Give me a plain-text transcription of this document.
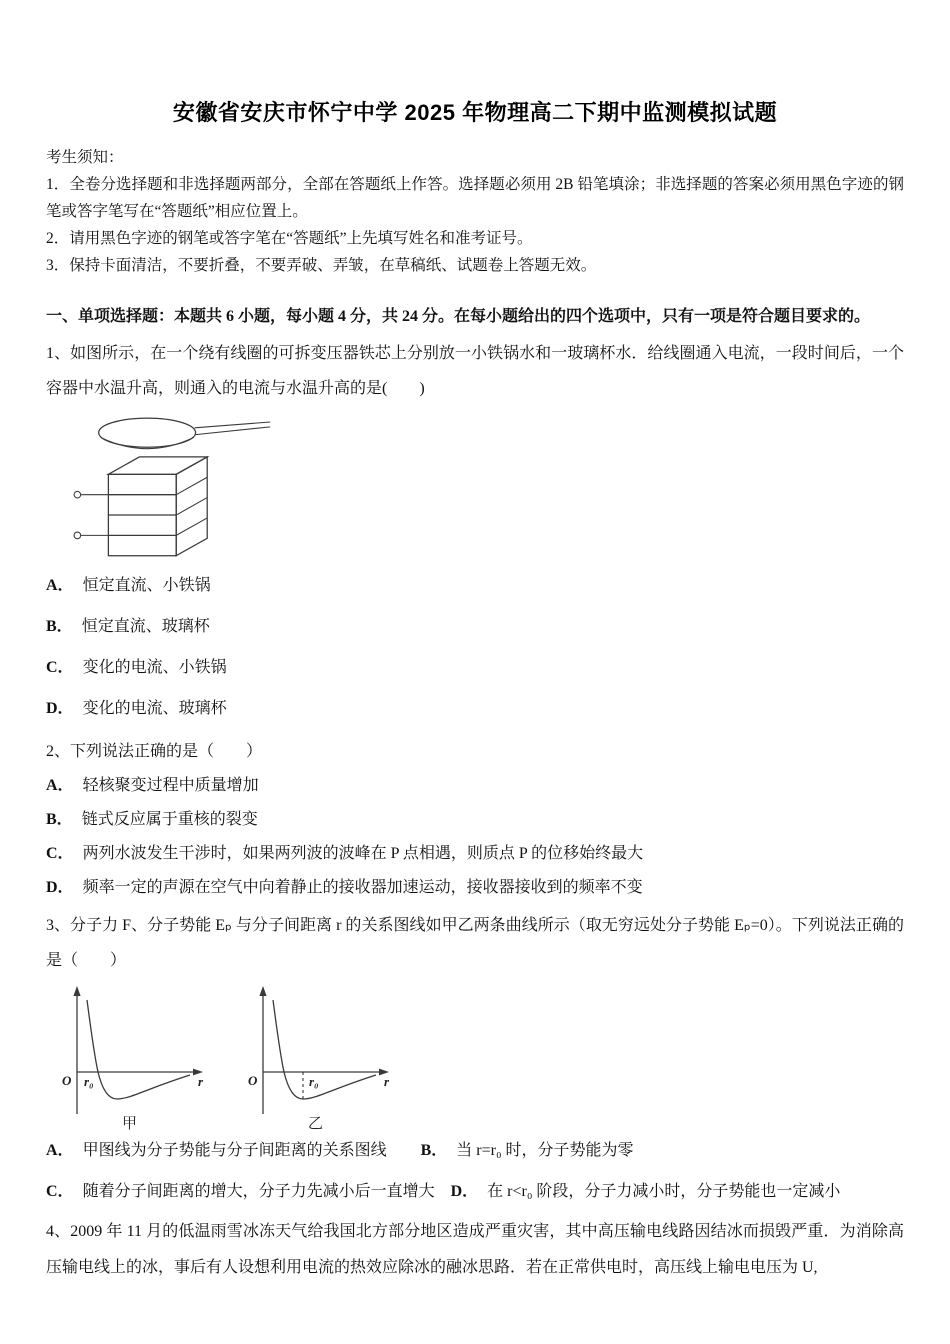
安徽省安庆市怀宁中学 2025 年物理高二下期中监测模拟试题

考生须知：

1．全卷分选择题和非选择题两部分，全部在答题纸上作答。选择题必须用 2B 铅笔填涂；非选择题的答案必须用黑色字迹的钢笔或答字笔写在“答题纸”相应位置上。

2．请用黑色字迹的钢笔或答字笔在“答题纸”上先填写姓名和准考证号。

3．保持卡面清洁，不要折叠，不要弄破、弄皱，在草稿纸、试题卷上答题无效。

一、单项选择题：本题共 6 小题，每小题 4 分，共 24 分。在每小题给出的四个选项中，只有一项是符合题目要求的。

1、如图所示，在一个绕有线圈的可拆变压器铁芯上分别放一小铁锅水和一玻璃杯水．给线圈通入电流，一段时间后，一个容器中水温升高，则通入的电流与水温升高的是(　　)

A． 恒定直流、小铁锅

B． 恒定直流、玻璃杯

C． 变化的电流、小铁锅

D． 变化的电流、玻璃杯

2、下列说法正确的是（　　）

A． 轻核聚变过程中质量增加

B． 链式反应属于重核的裂变

C． 两列水波发生干涉时，如果两列波的波峰在 P 点相遇，则质点 P 的位移始终最大

D． 频率一定的声源在空气中向着静止的接收器加速运动，接收器接收到的频率不变

3、分子力 F、分子势能 Eₚ 与分子间距离 r 的关系图线如甲乙两条曲线所示（取无穷远处分子势能 Eₚ=0）。下列说法正确的是（　　）

O r₀	r
甲
O	r₀	r
乙

A． 甲图线为分子势能与分子间距离的关系图线 B． 当 r=r₀ 时，分子势能为零

C． 随着分子间距离的增大，分子力先减小后一直增大 D． 在 r<r₀ 阶段，分子力减小时，分子势能也一定减小

4、2009 年 11 月的低温雨雪冰冻天气给我国北方部分地区造成严重灾害，其中高压输电线路因结冰而损毁严重．为消除高压输电线上的冰，事后有人设想利用电流的热效应除冰的融冰思路．若在正常供电时，高压线上输电电压为 U,
